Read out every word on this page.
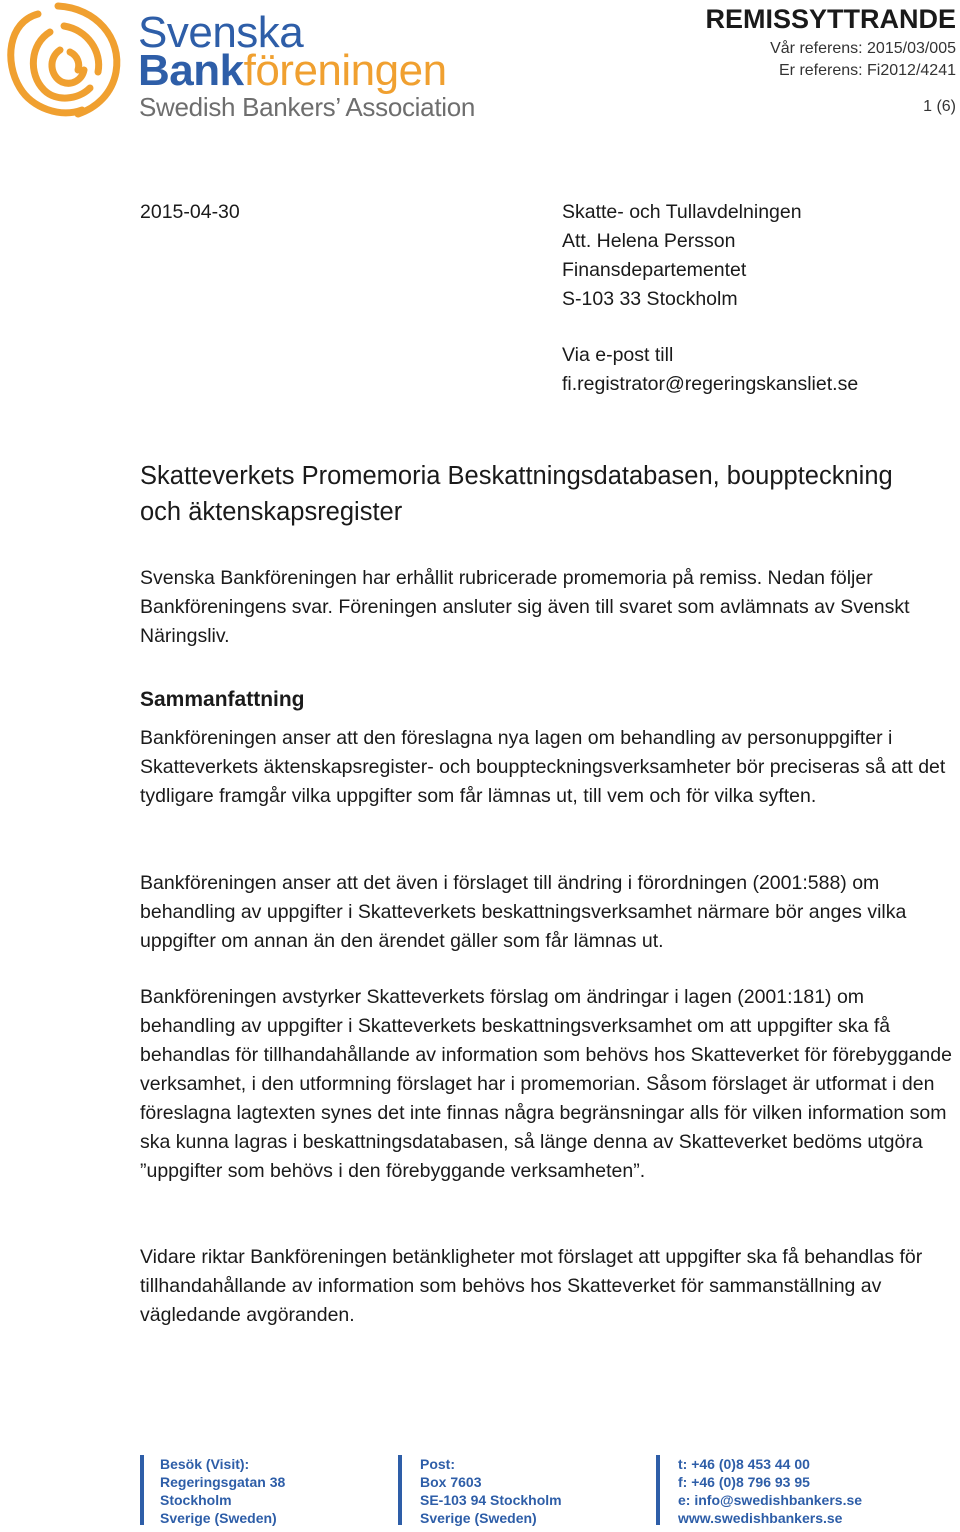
Svenska
Bankföreningen
Swedish Bankers’ Association
REMISSYTTRANDE
Vår referens: 2015/03/005
Er referens: Fi2012/4241
1 (6)
2015-04-30	Skatte- och Tullavdelningen
Att. Helena Persson
Finansdepartementet
S-103 33 Stockholm
Via e-post till
fi.registrator@regeringskansliet.se
Skatteverkets Promemoria Beskattningsdatabasen, bouppteckning och äktenskapsregister
Svenska Bankföreningen har erhållit rubricerade promemoria på remiss. Nedan följer Bankföreningens svar. Föreningen ansluter sig även till svaret som avlämnats av Svenskt Näringsliv.
Sammanfattning
Bankföreningen anser att den föreslagna nya lagen om behandling av personuppgifter i Skatteverkets äktenskapsregister- och bouppteckningsverksamheter bör preciseras så att det tydligare framgår vilka uppgifter som får lämnas ut, till vem och för vilka syften.
Bankföreningen anser att det även i förslaget till ändring i förordningen (2001:588) om behandling av uppgifter i Skatteverkets beskattningsverksamhet närmare bör anges vilka uppgifter om annan än den ärendet gäller som får lämnas ut.
Bankföreningen avstyrker Skatteverkets förslag om ändringar i lagen (2001:181) om behandling av uppgifter i Skatteverkets beskattningsverksamhet om att uppgifter ska få behandlas för tillhandahållande av information som behövs hos Skatteverket för förebyggande verksamhet, i den utformning förslaget har i promemorian. Såsom förslaget är utformat i den föreslagna lagtexten synes det inte finnas några begränsningar alls för vilken information som ska kunna lagras i beskattningsdatabasen, så länge denna av Skatteverket bedöms utgöra ”uppgifter som behövs i den förebyggande verksamheten”.
Vidare riktar Bankföreningen betänkligheter mot förslaget att uppgifter ska få behandlas för tillhandahållande av information som behövs hos Skatteverket för sammanställning av vägledande avgöranden.
Besök (Visit):
Regeringsgatan 38
Stockholm
Sverige (Sweden)
Post:
Box 7603
SE-103 94 Stockholm
Sverige (Sweden)
t: +46 (0)8 453 44 00
f: +46 (0)8 796 93 95
e: info@swedishbankers.se
www.swedishbankers.se
